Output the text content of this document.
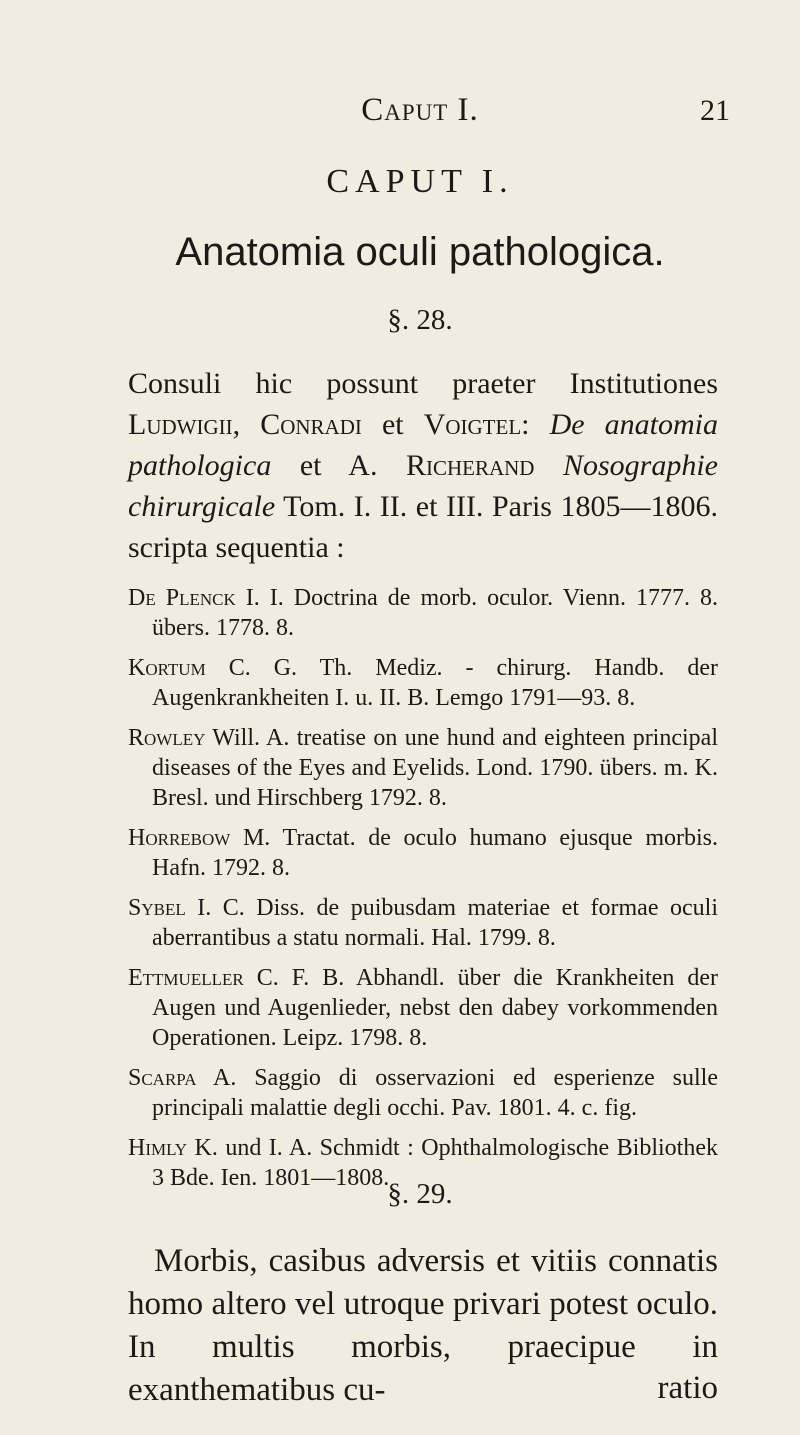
Caput I.	21
CAPUT I.
Anatomia oculi pathologica.
§. 28.
Consuli hic possunt praeter Institutiones Ludwigii, Conradi et Voigtel: De anatomia pathologica et A. Richerand Nosographie chirurgicale Tom. I. II. et III. Paris 1805—1806. scripta sequentia :

De Plenck I. I. Doctrina de morb. oculor. Vienn. 1777. 8. übers. 1778. 8.

Kortum C. G. Th. Mediz. - chirurg. Handb. der Augenkrankheiten I. u. II. B. Lemgo 1791—93. 8.

Rowley Will. A. treatise on une hund and eighteen principal diseases of the Eyes and Eyelids. Lond. 1790. übers. m. K. Bresl. und Hirschberg 1792. 8.

Horrebow M. Tractat. de oculo humano ejusque morbis. Hafn. 1792. 8.

Sybel I. C. Diss. de puibusdam materiae et formae oculi aberrantibus a statu normali. Hal. 1799. 8.

Ettmueller C. F. B. Abhandl. über die Krankheiten der Augen und Augenlieder, nebst den dabey vorkommenden Operationen. Leipz. 1798. 8.

Scarpa A. Saggio di osservazioni ed esperienze sulle principali malattie degli occhi. Pav. 1801. 4. c. fig.

Himly K. und I. A. Schmidt : Ophthalmologische Bibliothek 3 Bde. Ien. 1801—1808.

§. 29.
Morbis, casibus adversis et vitiis connatis homo altero vel utroque privari potest oculo. In multis morbis, praecipue in exanthematibus cu-	ratio
